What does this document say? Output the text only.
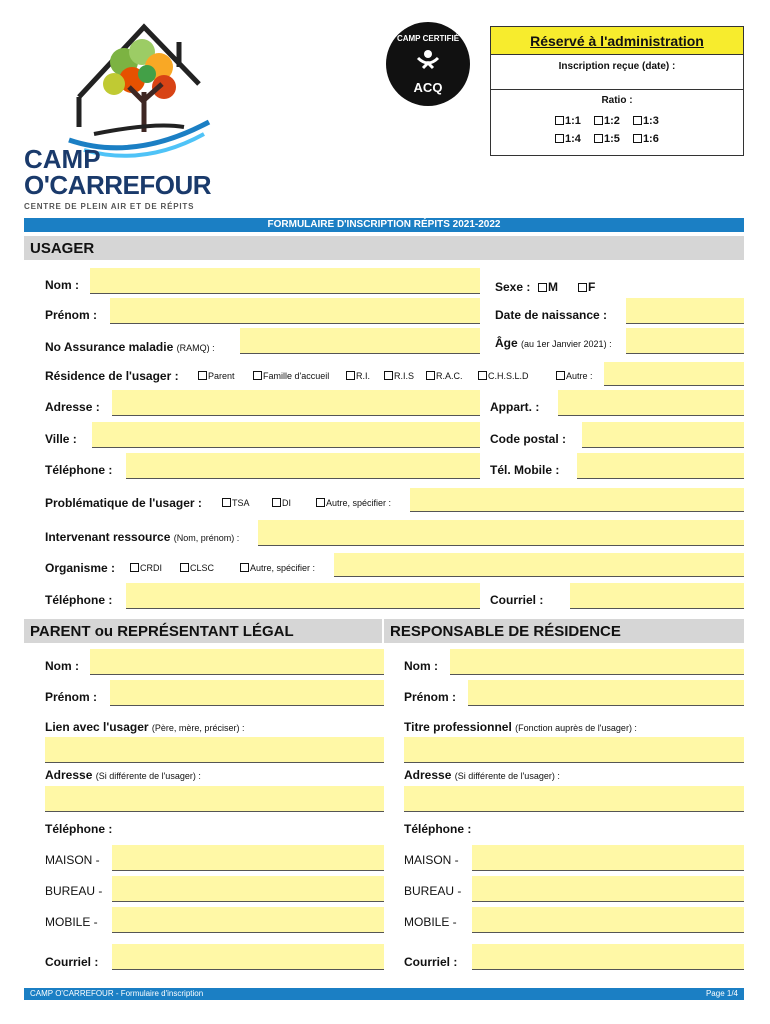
CAMP
O'CARREFOUR
CENTRE DE PLEIN AIR ET DE RÉPITS
CAMP CERTIFIÉ
ACQ
Réservé à l'administration
Inscription reçue (date) :
Ratio :
1:1 1:2 1:3
1:4 1:5 1:6
FORMULAIRE D'INSCRIPTION RÉPITS 2021-2022
USAGER
Nom :	Sexe :	M	F
Prénom :	Date de naissance :
No Assurance maladie (RAMQ) :	Âge (au 1er Janvier 2021) :
Résidence de l'usager :	Parent	Famille d'accueil	R.I.	R.I.S	R.A.C.	C.H.S.L.D	Autre :
Adresse :	Appart. :
Ville :	Code postal :
Téléphone :	Tél. Mobile :
Problématique de l'usager :	TSA	DI	Autre, spécifier :
Intervenant ressource (Nom, prénom) :
Organisme :	CRDI	CLSC	Autre, spécifier :
Téléphone :	Courriel :
PARENT ou REPRÉSENTANT LÉGAL	RESPONSABLE DE RÉSIDENCE
Nom :
Prénom :
Lien avec l'usager (Père, mère, préciser) :
Adresse (Si différente de l'usager) :
Téléphone :
MAISON -
BUREAU -
MOBILE -
Courriel :
Nom :
Prénom :
Titre professionnel (Fonction auprès de l'usager) :
Adresse (Si différente de l'usager) :
Téléphone :
MAISON -
BUREAU -
MOBILE -
Courriel :
CAMP O'CARREFOUR - Formulaire d'inscription	Page 1/4
